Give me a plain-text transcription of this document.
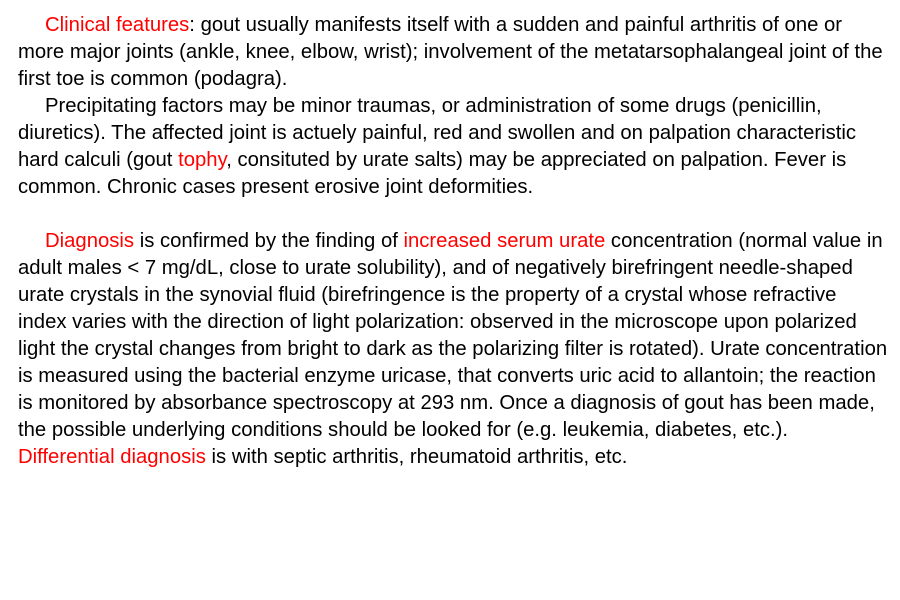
Clinical features: gout usually manifests itself with a sudden and painful arthritis of one or more major joints (ankle, knee, elbow, wrist); involvement of the metatarsophalangeal joint of the first toe is common (podagra).

Precipitating factors may be minor traumas, or administration of some drugs (penicillin, diuretics). The affected joint is actuely painful, red and swollen and on palpation characteristic hard calculi (gout tophy, consituted by urate salts) may be appreciated on palpation. Fever is common. Chronic cases present erosive joint deformities.

Diagnosis is confirmed by the finding of increased serum urate concentration (normal value in adult males < 7 mg/dL, close to urate solubility), and of negatively birefringent needle-shaped urate crystals in the synovial fluid (birefringence is the property of a crystal whose refractive index varies with the direction of light polarization: observed in the microscope upon polarized light the crystal changes from bright to dark as the polarizing filter is rotated). Urate concentration is measured using the bacterial enzyme uricase, that converts uric acid to allantoin; the reaction is monitored by absorbance spectroscopy at 293 nm. Once a diagnosis of gout has been made, the possible underlying conditions should be looked for (e.g. leukemia, diabetes, etc.). Differential diagnosis is with septic arthritis, rheumatoid arthritis, etc.
